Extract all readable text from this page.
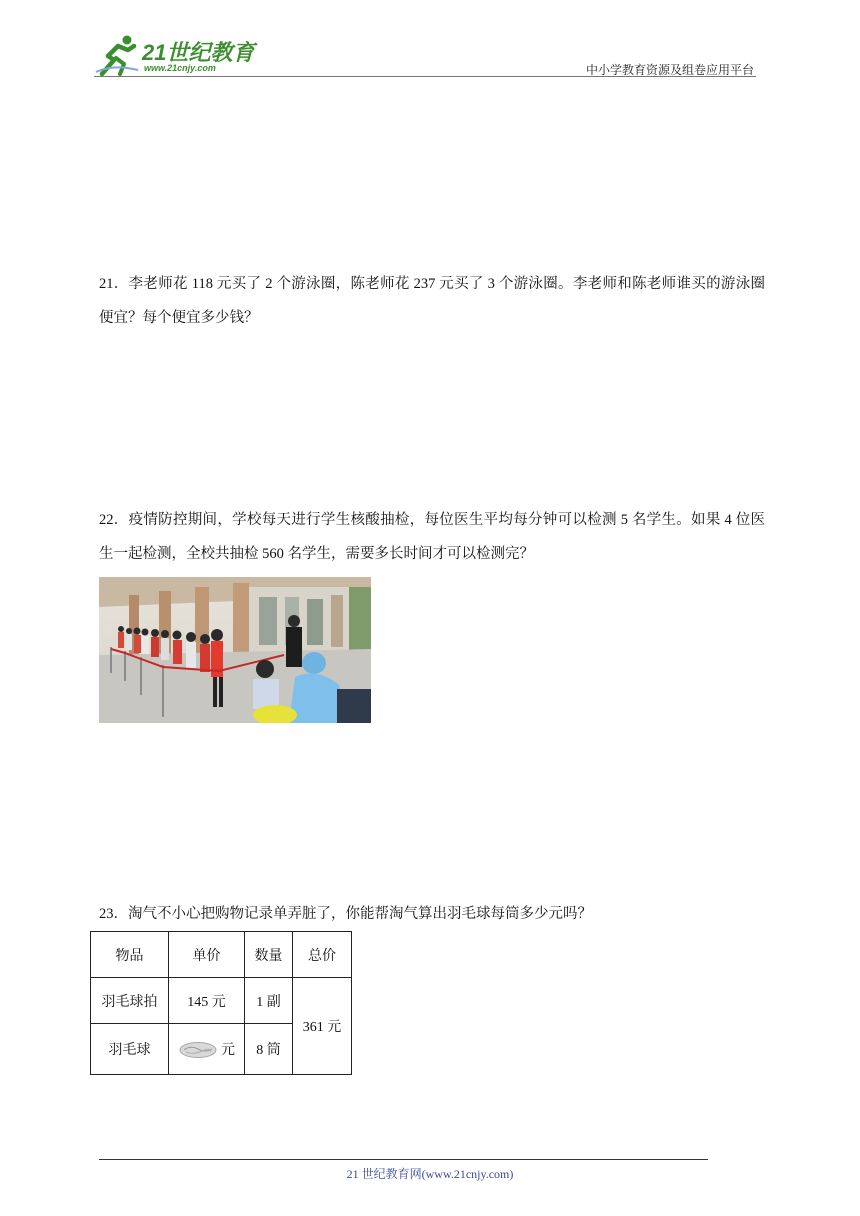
21世纪教育
www.21cnjy.com	中小学教育资源及组卷应用平台
21．李老师花 118 元买了 2 个游泳圈，陈老师花 237 元买了 3 个游泳圈。李老师和陈老师谁买的游泳圈便宜？每个便宜多少钱？
22．疫情防控期间，学校每天进行学生核酸抽检，每位医生平均每分钟可以检测 5 名学生。如果 4 位医生一起检测，全校共抽检 560 名学生，需要多长时间才可以检测完？
23．淘气不小心把购物记录单弄脏了，你能帮淘气算出羽毛球每筒多少元吗？
物品	单价	数量	总价
羽毛球拍	145 元	1 副	361 元
羽毛球	元	8 筒	
21 世纪教育网(www.21cnjy.com)
